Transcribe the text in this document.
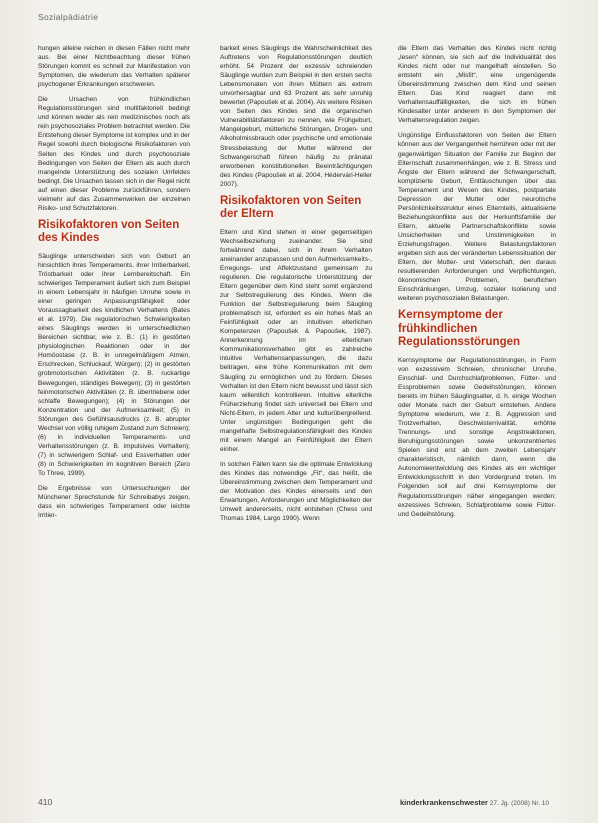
Sozialpädiatrie

hungen alleine reichen in diesen Fällen nicht mehr aus. Bei einer Nichtbeachtung dieser frühen Störungen kommt es schnell zur Manifestation von Symptomen, die wiederum das Verhalten späterer psychogener Erkrankungen erschweren.

Die Ursachen von frühkindlichen Regulationsstörungen sind multifaktoriell bedingt und können weder als rein medizinisches noch als rein psychosoziales Problem betrachtet werden. Die Entstehung dieser Symptome ist komplex und in der Regel sowohl durch biologische Risikofaktoren von Seiten des Kindes und durch psychosoziale Bedingungen von Seiten der Eltern als auch durch mangelnde Unterstützung des sozialen Umfeldes bedingt. Die Ursachen lassen sich in der Regel nicht auf einen dieser Probleme zurückführen, sondern vielmehr auf das Zusammenwirken der einzelnen Risiko- und Schutzfaktoren.

Risikofaktoren von Seiten des Kindes

Säuglinge unterscheiden sich von Geburt an hinsichtlich ihres Temperaments, ihrer Irritierbarkeit, Tröstbarkeit oder ihrer Lernbereitschaft. Ein schwieriges Temperament äußert sich zum Beispiel in einem Lebensjahr in häufigen Unruhe sowie in einer geringen Anpassungsfähigkeit oder Voraussagbarkeit des kindlichen Verhaltens (Bates et al. 1979). Die regulatorischen Schwierigkeiten eines Säuglings werden in unterschiedlichen Bereichen sichtbar, wie z. B.: (1) in gestörten physiologischen Reaktionen oder in der Homöostase (z. B. in unregelmäßigem Atmen, Erschrecken, Schluckauf, Würgen); (2) in gestörten grobmotorischen Aktivitäten (z. B. ruckartige Bewegungen, ständiges Bewegen); (3) in gestörten feinmotorischen Aktivitäten (z. B. übertriebene oder schlaffe Bewegungen); (4) in Störungen der Konzentration und der Aufmerksamkeit; (5) in Störungen des Gefühlsausdrucks (z. B. abrupter Wechsel von völlig ruhigem Zustand zum Schreien); (6) in individuellen Temperaments- und Verhaltensstörungen (z. B. impulsives Verhalten); (7) in schwierigem Schlaf- und Essverhalten oder (8) in Schwierigkeiten im kognitiven Bereich (Zero To Three, 1999).

Die Ergebnisse von Untersuchungen der Münchener Sprechstunde für Schreibabys zeigen, dass ein schwieriges Temperament oder leichte Irritier-

barkeit eines Säuglings die Wahrscheinlichkeit des Auftretens von Regulationsstörungen deutlich erhöht. 54 Prozent der exzessiv schreienden Säuglinge wurden zum Beispiel in den ersten sechs Lebensmonaten von ihren Müttern als extrem unvorhersagbar und 63 Prozent als sehr unruhig bewertet (Papoušek et al. 2004). Als weitere Risiken von Seiten des Kindes sind die organischen Vulnerabilitätsfaktoren zu nennen, wie Frühgeburt, Mangelgeburt, mütterliche Störungen, Drogen- und Alkoholmissbrauch oder psychische und emotionale Stressbelastung der Mutter während der Schwangerschaft führen häufig zu pränatal erworbenen konstitutionellen Beeinträchtigungen des Kindes (Papoušek et al. 2004, Hédervári-Heller 2007).

Risikofaktoren von Seiten der Eltern

Eltern und Kind stehen in einer gegenseitigen Wechselbeziehung zueinander. Sie sind fortwährend dabei, sich in ihrem Verhalten aneinander anzupassen und den Aufmerksamkeits-, Erregungs- und Affektzustand gemeinsam zu regulieren. Die regulatorische Unterstützung der Eltern gegenüber dem Kind steht somit ergänzend zur Selbstregulierung des Kindes. Wenn die Funktion der Selbstregulierung beim Säugling problematisch ist, erfordert es ein hohes Maß an Feinfühligkeit oder an intuitiven elterlichen Kompetenzen (Papoušek & Papoušek, 1987). Annerkennung im elterlichen Kommunikationsverhalten gibt es zahlreiche intuitive Verhaltensanpassungen, die dazu beitragen, eine frühe Kommunikation mit dem Säugling zu ermöglichen und zu fördern. Dieses Verhalten ist den Eltern nicht bewusst und lässt sich kaum willentlich kontrollieren. Intuitive elterliche Früherziehung findet sich universell bei Eltern und Nicht-Eltern, in jedem Alter und kulturübergreifend. Unter ungünstigen Bedingungen geht die mangelhafte Selbstregulationsfähigkeit des Kindes mit einem Mangel an Feinfühligkeit der Eltern einher.

In solchen Fällen kann sie die optimale Entwicklung des Kindes das notwendige „Fit“, das heißt, die Übereinstimmung zwischen dem Temperament und der Motivation des Kindes einerseits und den Erwartungen, Anforderungen und Möglichkeiten der Umwelt andererseits, nicht entstehen (Chess und Thomas 1984, Largo 1990). Wenn

die Eltern das Verhalten des Kindes nicht richtig „lesen“ können, sie sich auf die Individualität des Kindes nicht oder nur mangelhaft einstellen. So entsteht ein „Misfit“, eine ungenügende Übereinstimmung zwischen dem Kind und seinen Eltern. Das Kind reagiert dann mit Verhaltensauffälligkeiten, die sich im frühen Kindesalter unter anderem in den Symptomen der Verhaltensregulation zeigen.

Ungünstige Einflussfaktoren von Seiten der Eltern können aus der Vergangenheit herrühren oder mit der gegenwärtigen Situation der Familie zur Beginn der Elternschaft zusammenhängen, wie z. B. Stress und Ängste der Eltern während der Schwangerschaft, komplizierte Geburt, Enttäuschungen über das Temperament und Wesen des Kindes, postpartale Depression der Mutter oder neurotische Persönlichkeitsstruktur eines Elternteils, aktualisierte Beziehungskonflikte aus der Herkunftsfamilie der Eltern, aktuelle Partnerschaftskonflikte sowie Unsicherheiten und Unstimmigkeiten in Erziehungsfragen. Weitere Belastungsfaktoren ergeben sich aus der veränderten Lebenssituation der Eltern, der Mutter- und Vaterschaft, den daraus resultierenden Anforderungen und Verpflichtungen, ökonomischen Problemen, beruflichen Einschränkungen, Umzug, sozialer Isolierung und weiteren psychosozialen Belastungen.

Kernsymptome der frühkindlichen Regulationsstörungen

Kernsymptome der Regulationsstörungen, in Form von exzessivem Schreien, chronischer Unruhe, Einschlaf- und Durchschlafproblemen, Fütter- und Essproblemen sowie Gedeihstörungen, können bereits im frühen Säuglingsalter, d. h. einige Wochen oder Monate nach der Geburt entstehen. Andere Symptome wiederum, wie z. B. Aggression und Trotzverhalten, Geschwisterrivalität, erhöhte Trennungs- und sonstige Angstreaktionen, Beruhigungsstörungen sowie unkonzentriertes Spielen sind erst ab dem zweiten Lebensjahr charakteristisch, nämlich dann, wenn die Autonomieentwicklung des Kindes als ein wichtiger Entwicklungsschritt in den Vordergrund treten. Im Folgenden soll auf drei Kernsymptome der Regulationsstörungen näher eingegangen werden: exzessives Schreien, Schlafprobleme sowie Fütter- und Gedeihstörung.

410	kinderkrankenschwester 27. Jg. (2008) Nr. 10
